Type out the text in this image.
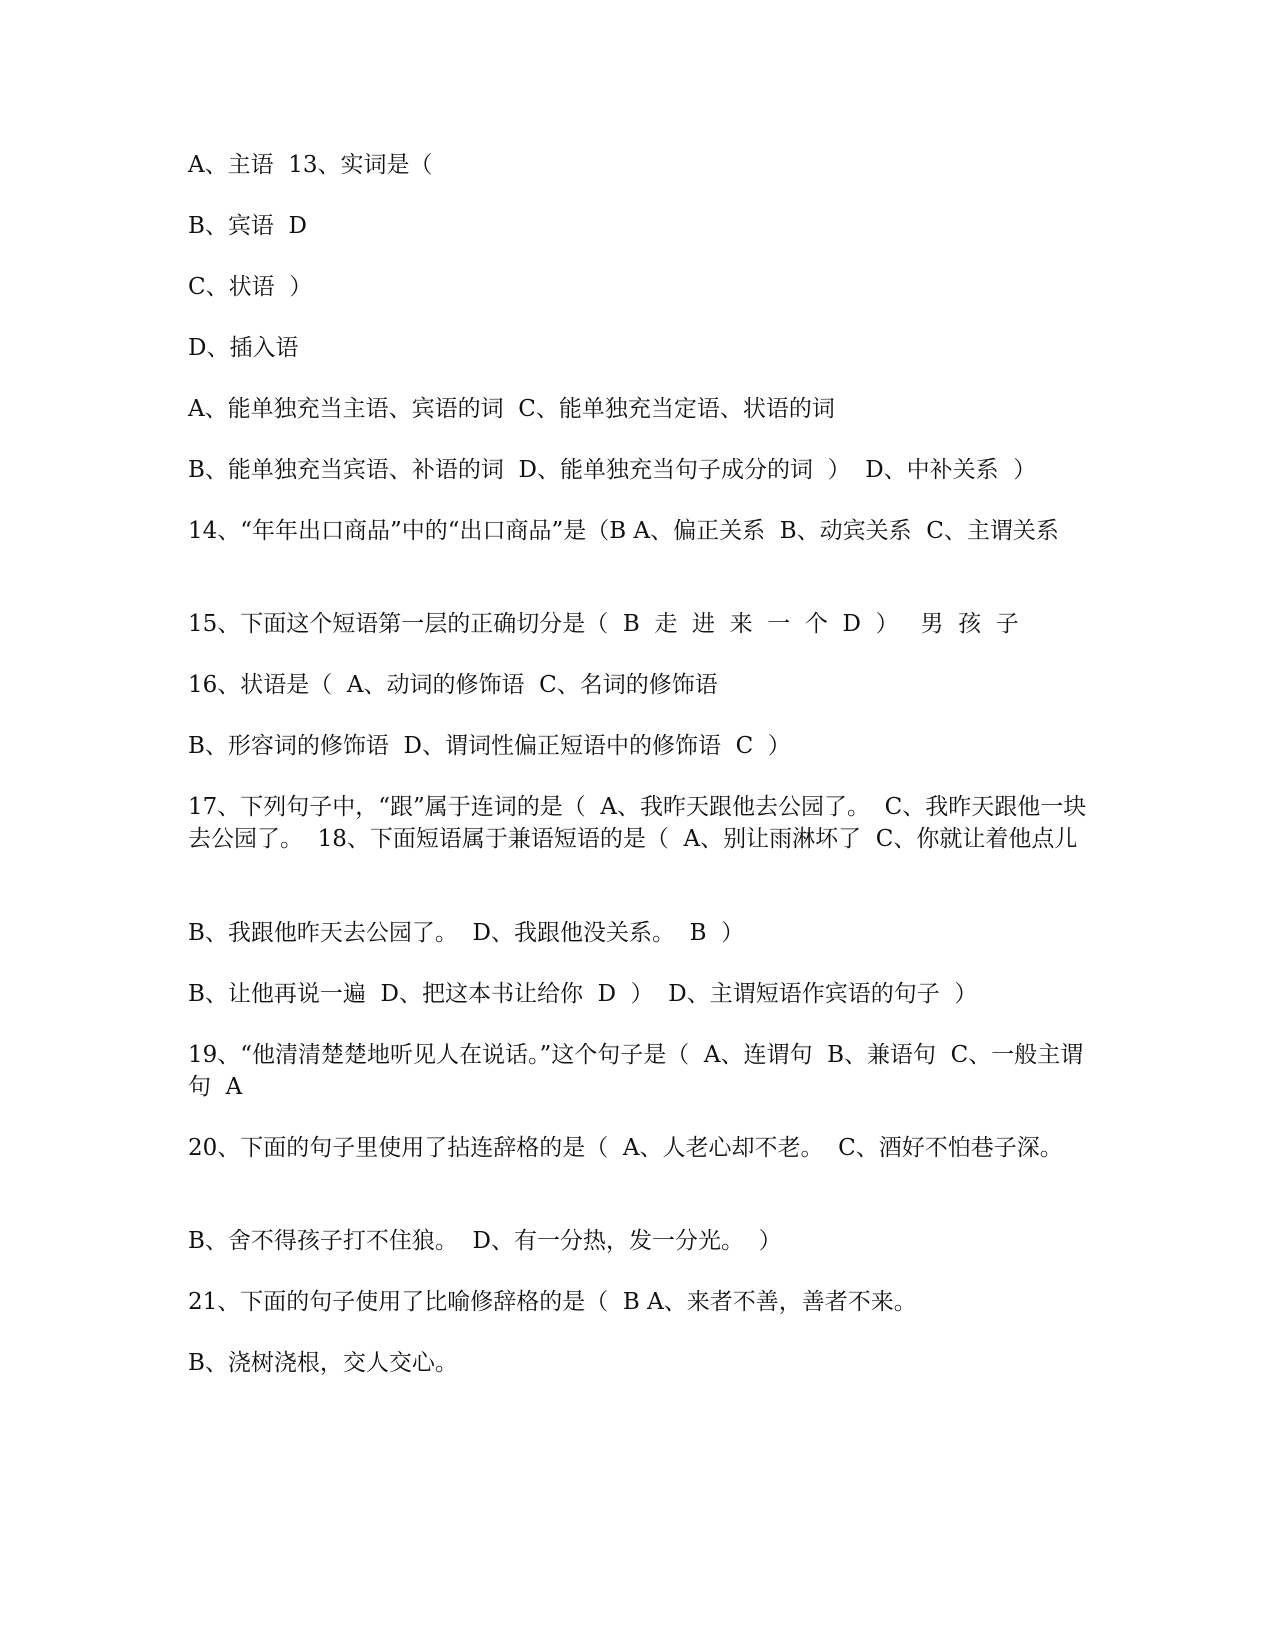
A、主语  13、实词是（

B、宾语  D

C、状语  ）

D、插入语

A、能单独充当主语、宾语的词  C、能单独充当定语、状语的词

B、能单独充当宾语、补语的词  D、能单独充当句子成分的词  ）  D、中补关系  ）

14、“年年出口商品”中的“出口商品”是（B A、偏正关系  B、动宾关系  C、主谓关系

15、下面这个短语第一层的正确切分是（  B  走  进  来  一  个  D  ）   男  孩  子

16、状语是（  A、动词的修饰语  C、名词的修饰语

B、形容词的修饰语  D、谓词性偏正短语中的修饰语  C  ）

17、下列句子中，“跟”属于连词的是（  A、我昨天跟他去公园了。  C、我昨天跟他一块去公园了。  18、下面短语属于兼语短语的是（  A、别让雨淋坏了  C、你就让着他点儿

B、我跟他昨天去公园了。  D、我跟他没关系。  B  ）

B、让他再说一遍  D、把这本书让给你  D  ）  D、主谓短语作宾语的句子  ）

19、“他清清楚楚地听见人在说话。”这个句子是（  A、连谓句  B、兼语句  C、一般主谓句  A

20、下面的句子里使用了拈连辞格的是（  A、人老心却不老。  C、酒好不怕巷子深。

B、舍不得孩子打不住狼。  D、有一分热，发一分光。  ）

21、下面的句子使用了比喻修辞格的是（  B A、来者不善，善者不来。

B、浇树浇根，交人交心。
